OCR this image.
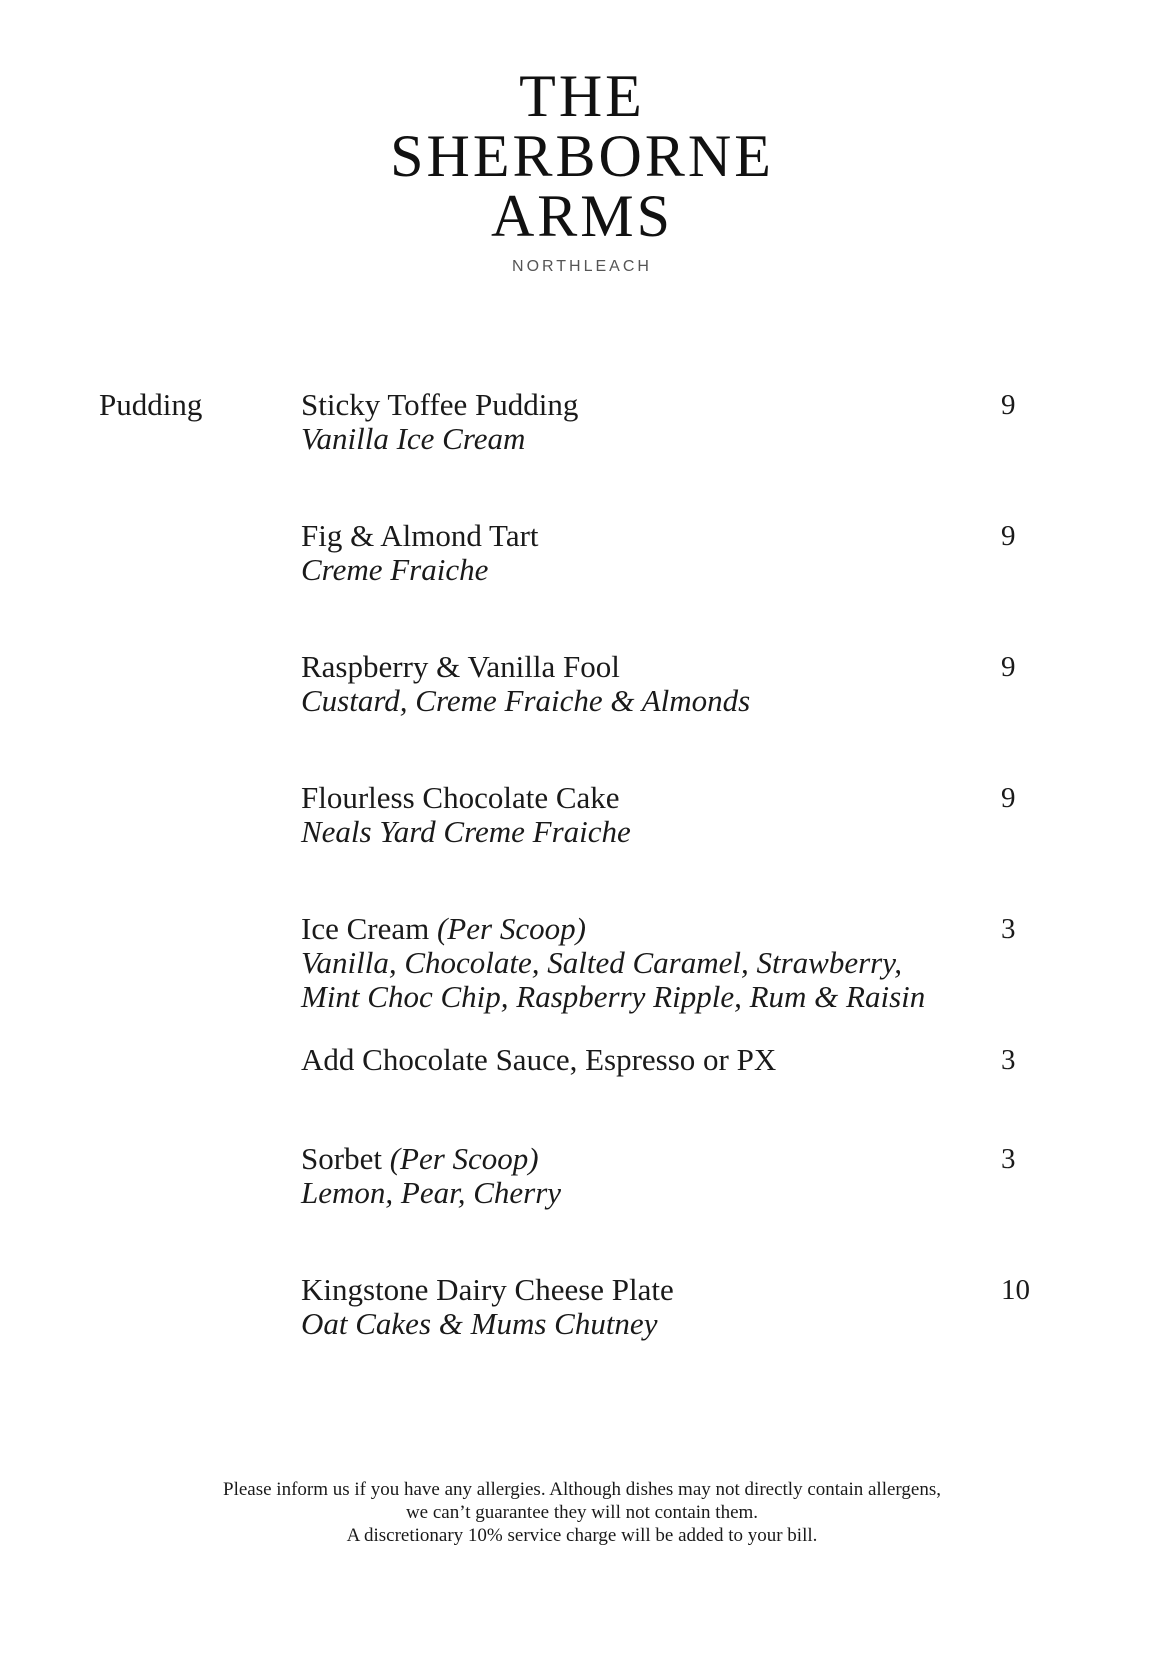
THE
SHERBORNE
ARMS
NORTHLEACH
Pudding	Sticky Toffee Pudding
Vanilla Ice Cream
9
Fig & Almond Tart
Creme Fraiche
9
Raspberry & Vanilla Fool
Custard, Creme Fraiche & Almonds
9
Flourless Chocolate Cake
Neals Yard Creme Fraiche
9
Ice Cream (Per Scoop)
Vanilla, Chocolate, Salted Caramel, Strawberry,
Mint Choc Chip, Raspberry Ripple, Rum & Raisin
3
Add Chocolate Sauce, Espresso or PX	3
Sorbet (Per Scoop)
Lemon, Pear, Cherry
3
Kingstone Dairy Cheese Plate
Oat Cakes & Mums Chutney
10
Please inform us if you have any allergies. Although dishes may not directly contain allergens,
we can’t guarantee they will not contain them.
A discretionary 10% service charge will be added to your bill.
